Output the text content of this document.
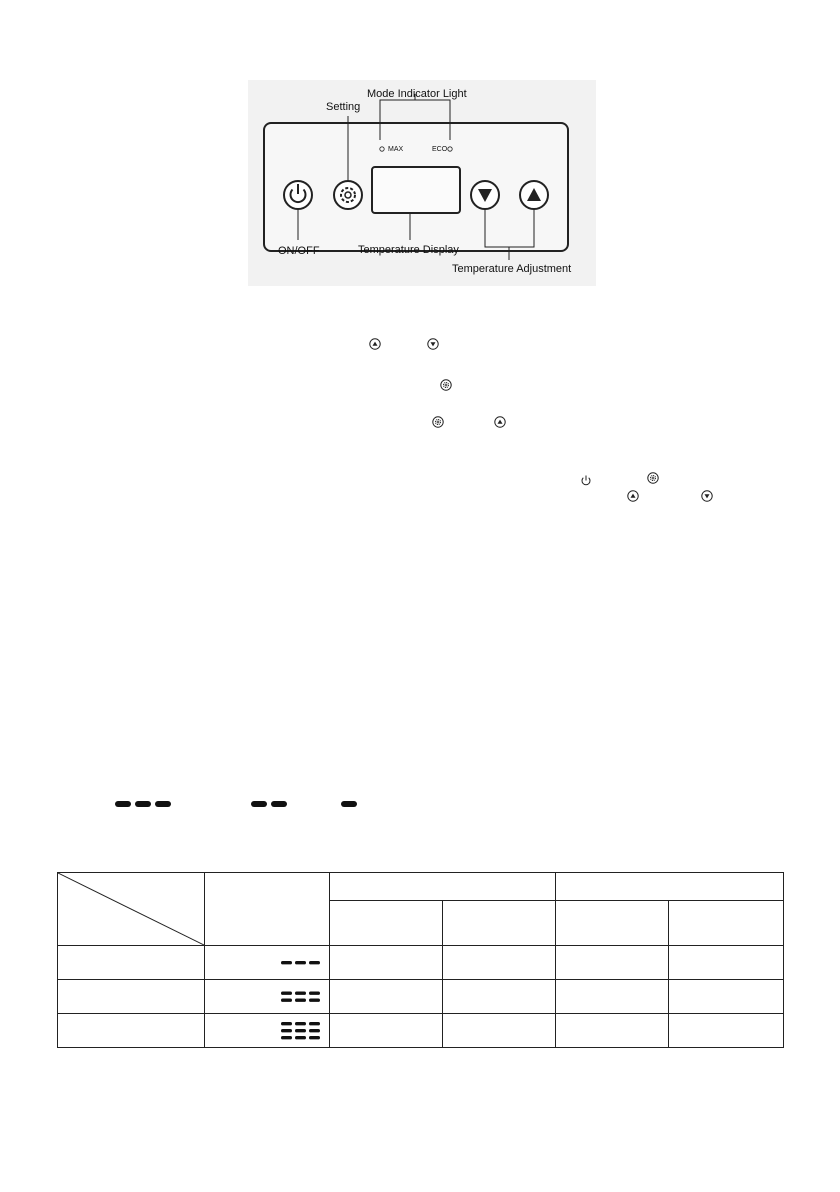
Mode Indicator Light
Setting
MAX	ECO
ON/OFF	Temperature Display
Temperature Adjustment
